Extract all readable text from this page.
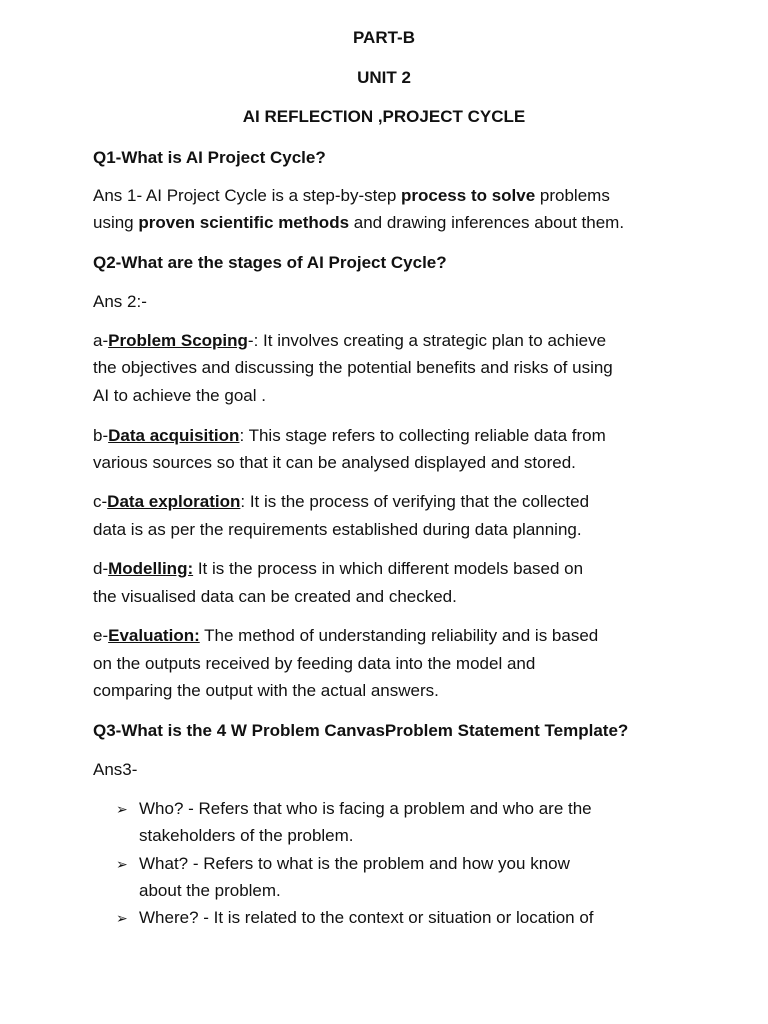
PART-B
UNIT 2
AI REFLECTION ,PROJECT CYCLE
Q1-What is AI Project Cycle?
Ans 1- AI Project Cycle is a step-by-step process to solve problems
using proven scientific methods and drawing inferences about them.
Q2-What are the stages of AI Project Cycle?
Ans 2:-
a-Problem Scoping-: It involves creating a strategic plan to achieve
the objectives and discussing the potential benefits and risks of using
AI to achieve the goal .
b-Data acquisition: This stage refers to collecting reliable data from
various sources so that it can be analysed displayed and stored.
c-Data exploration: It is the process of verifying that the collected
data is as per the requirements established during data planning.
d-Modelling: It is the process in which different models based on
the visualised data can be created and checked.
e-Evaluation: The method of understanding reliability and is based
on the outputs received by feeding data into the model and
comparing the output with the actual answers.
Q3-What is the 4 W Problem CanvasProblem Statement Template?
Ans3-
➢ Who? - Refers that who is facing a problem and who are the
stakeholders of the problem.
➢ What? - Refers to what is the problem and how you know
about the problem.
➢ Where? - It is related to the context or situation or location of
